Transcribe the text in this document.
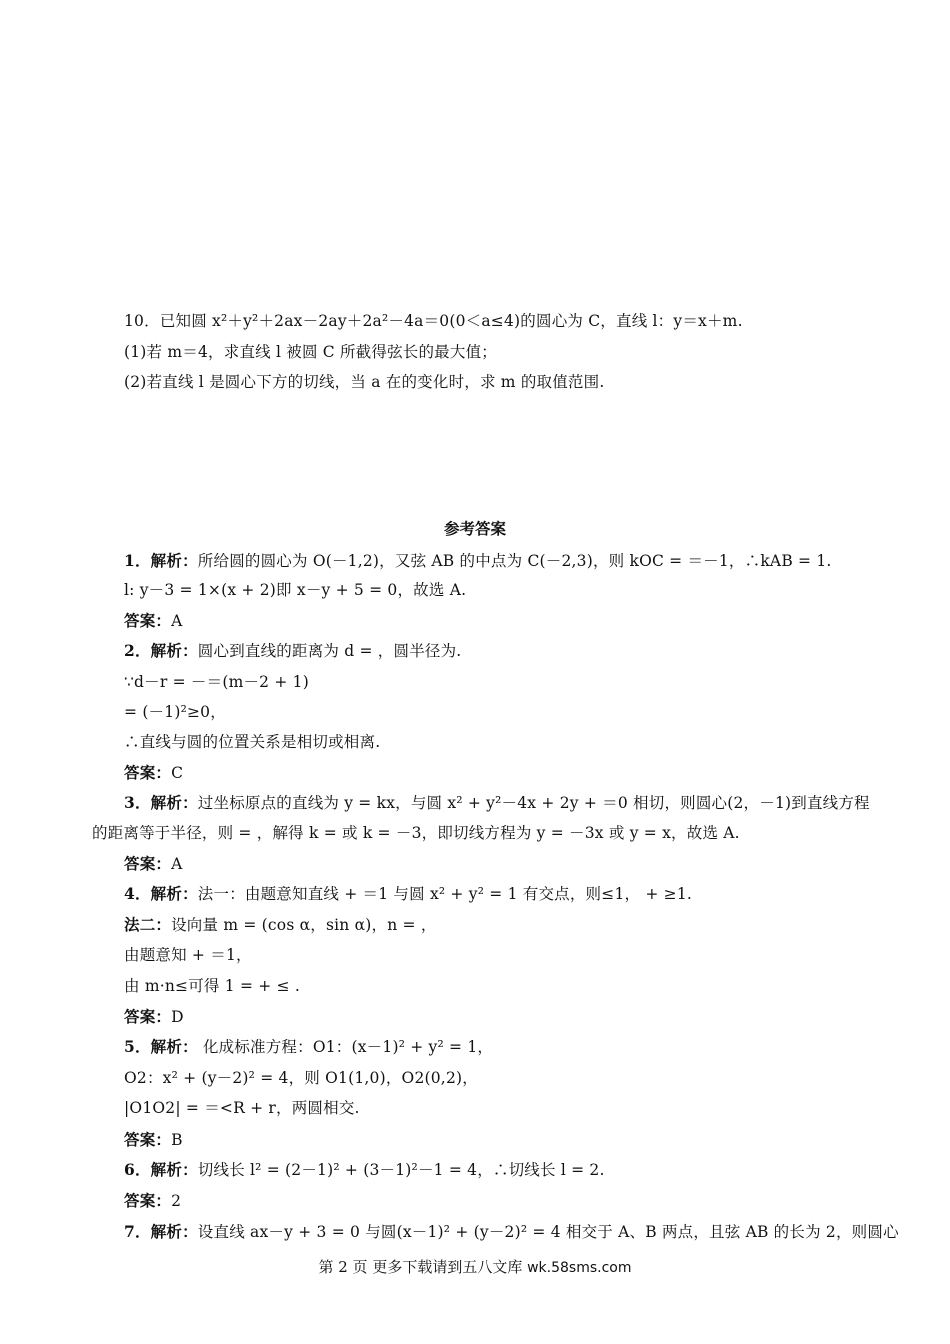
10．已知圆 x²＋y²＋2ax－2ay＋2a²－4a＝0(0＜a≤4)的圆心为 C，直线 l：y＝x＋m.
(1)若 m＝4，求直线 l 被圆 C 所截得弦长的最大值；
(2)若直线 l 是圆心下方的切线，当 a 在的变化时，求 m 的取值范围.
参考答案
1．解析：所给圆的圆心为 O(－1,2)，又弦 AB 的中点为 C(－2,3)，则 kOC = ＝－1，∴kAB = 1.
l: y－3 = 1×(x + 2)即 x－y + 5 = 0，故选 A.
答案：A
2．解析：圆心到直线的距离为 d = ，圆半径为.
∵d－r = －＝(m－2 + 1)
= (－1)²≥0，
∴直线与圆的位置关系是相切或相离.
答案：C
3．解析：过坐标原点的直线为 y = kx，与圆 x² + y²－4x + 2y + ＝0 相切，则圆心(2，－1)到直线方程
的距离等于半径，则 = ，解得 k = 或 k = －3，即切线方程为 y = －3x 或 y = x，故选 A.
答案：A
4．解析：法一：由题意知直线 + ＝1 与圆 x² + y² = 1 有交点，则≤1， + ≥1.
法二：设向量 m = (cos α，sin α)，n = ，
由题意知 + ＝1，
由 m·n≤可得 1 = + ≤ .
答案：D
5．解析： 化成标准方程：O1：(x－1)² + y² = 1，
O2：x² + (y－2)² = 4，则 O1(1,0)，O2(0,2)，
|O1O2| = ＝<R + r，两圆相交.
答案：B
6．解析：切线长 l² = (2－1)² + (3－1)²－1 = 4，∴切线长 l = 2.
答案：2
7．解析：设直线 ax－y + 3 = 0 与圆(x－1)² + (y－2)² = 4 相交于 A、B 两点，且弦 AB 的长为 2，则圆心
第 2 页 更多下载请到五八文库 wk.58sms.com
